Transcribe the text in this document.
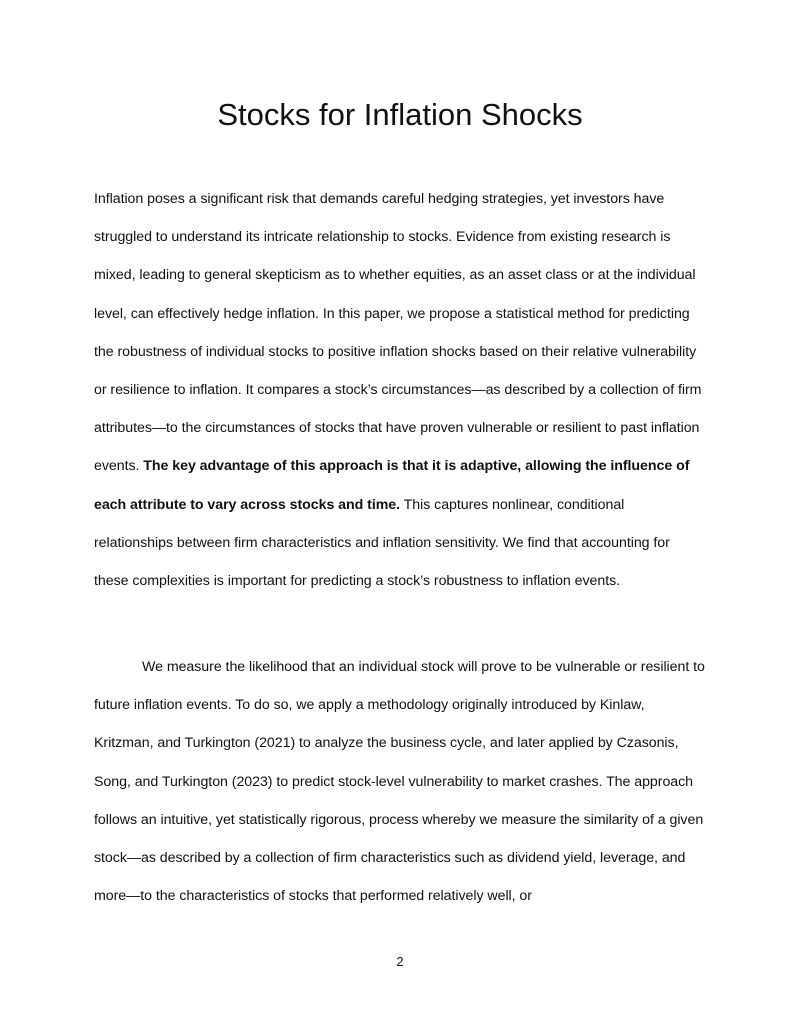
Stocks for Inflation Shocks

Inflation poses a significant risk that demands careful hedging strategies, yet investors have struggled to understand its intricate relationship to stocks. Evidence from existing research is mixed, leading to general skepticism as to whether equities, as an asset class or at the individual level, can effectively hedge inflation. In this paper, we propose a statistical method for predicting the robustness of individual stocks to positive inflation shocks based on their relative vulnerability or resilience to inflation. It compares a stock’s circumstances—as described by a collection of firm attributes—to the circumstances of stocks that have proven vulnerable or resilient to past inflation events. The key advantage of this approach is that it is adaptive, allowing the influence of each attribute to vary across stocks and time. This captures nonlinear, conditional relationships between firm characteristics and inflation sensitivity. We find that accounting for these complexities is important for predicting a stock’s robustness to inflation events.

We measure the likelihood that an individual stock will prove to be vulnerable or resilient to future inflation events. To do so, we apply a methodology originally introduced by Kinlaw, Kritzman, and Turkington (2021) to analyze the business cycle, and later applied by Czasonis, Song, and Turkington (2023) to predict stock-level vulnerability to market crashes. The approach follows an intuitive, yet statistically rigorous, process whereby we measure the similarity of a given stock—as described by a collection of firm characteristics such as dividend yield, leverage, and more—to the characteristics of stocks that performed relatively well, or

2
